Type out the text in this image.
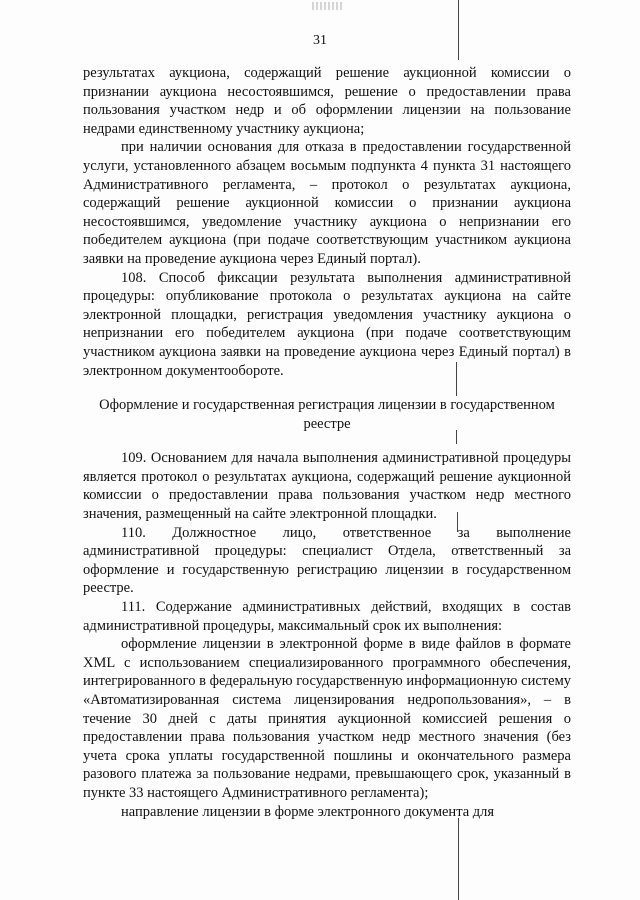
31

результатах аукциона, содержащий решение аукционной комиссии о признании аукциона несостоявшимся, решение о предоставлении права пользования участком недр и об оформлении лицензии на пользование недрами единственному участнику аукциона;

при наличии основания для отказа в предоставлении государственной услуги, установленного абзацем восьмым подпункта 4 пункта 31 настоящего Административного регламента, – протокол о результатах аукциона, содержащий решение аукционной комиссии о признании аукциона несостоявшимся, уведомление участнику аукциона о непризнании его победителем аукциона (при подаче соответствующим участником аукциона заявки на проведение аукциона через Единый портал).

108. Способ фиксации результата выполнения административной процедуры: опубликование протокола о результатах аукциона на сайте электронной площадки, регистрация уведомления участнику аукциона о непризнании его победителем аукциона (при подаче соответствующим участником аукциона заявки на проведение аукциона через Единый портал) в электронном документообороте.

Оформление и государственная регистрация лицензии в государственном реестре

109. Основанием для начала выполнения административной процедуры является протокол о результатах аукциона, содержащий решение аукционной комиссии о предоставлении права пользования участком недр местного значения, размещенный на сайте электронной площадки.

110. Должностное лицо, ответственное за выполнение административной процедуры: специалист Отдела, ответственный за оформление и государственную регистрацию лицензии в государственном реестре.

111. Содержание административных действий, входящих в состав административной процедуры, максимальный срок их выполнения:

оформление лицензии в электронной форме в виде файлов в формате XML с использованием специализированного программного обеспечения, интегрированного в федеральную государственную информационную систему «Автоматизированная система лицензирования недропользования», – в течение 30 дней с даты принятия аукционной комиссией решения о предоставлении права пользования участком недр местного значения (без учета срока уплаты государственной пошлины и окончательного размера разового платежа за пользование недрами, превышающего срок, указанный в пункте 33 настоящего Административного регламента);

направление лицензии в форме электронного документа для
